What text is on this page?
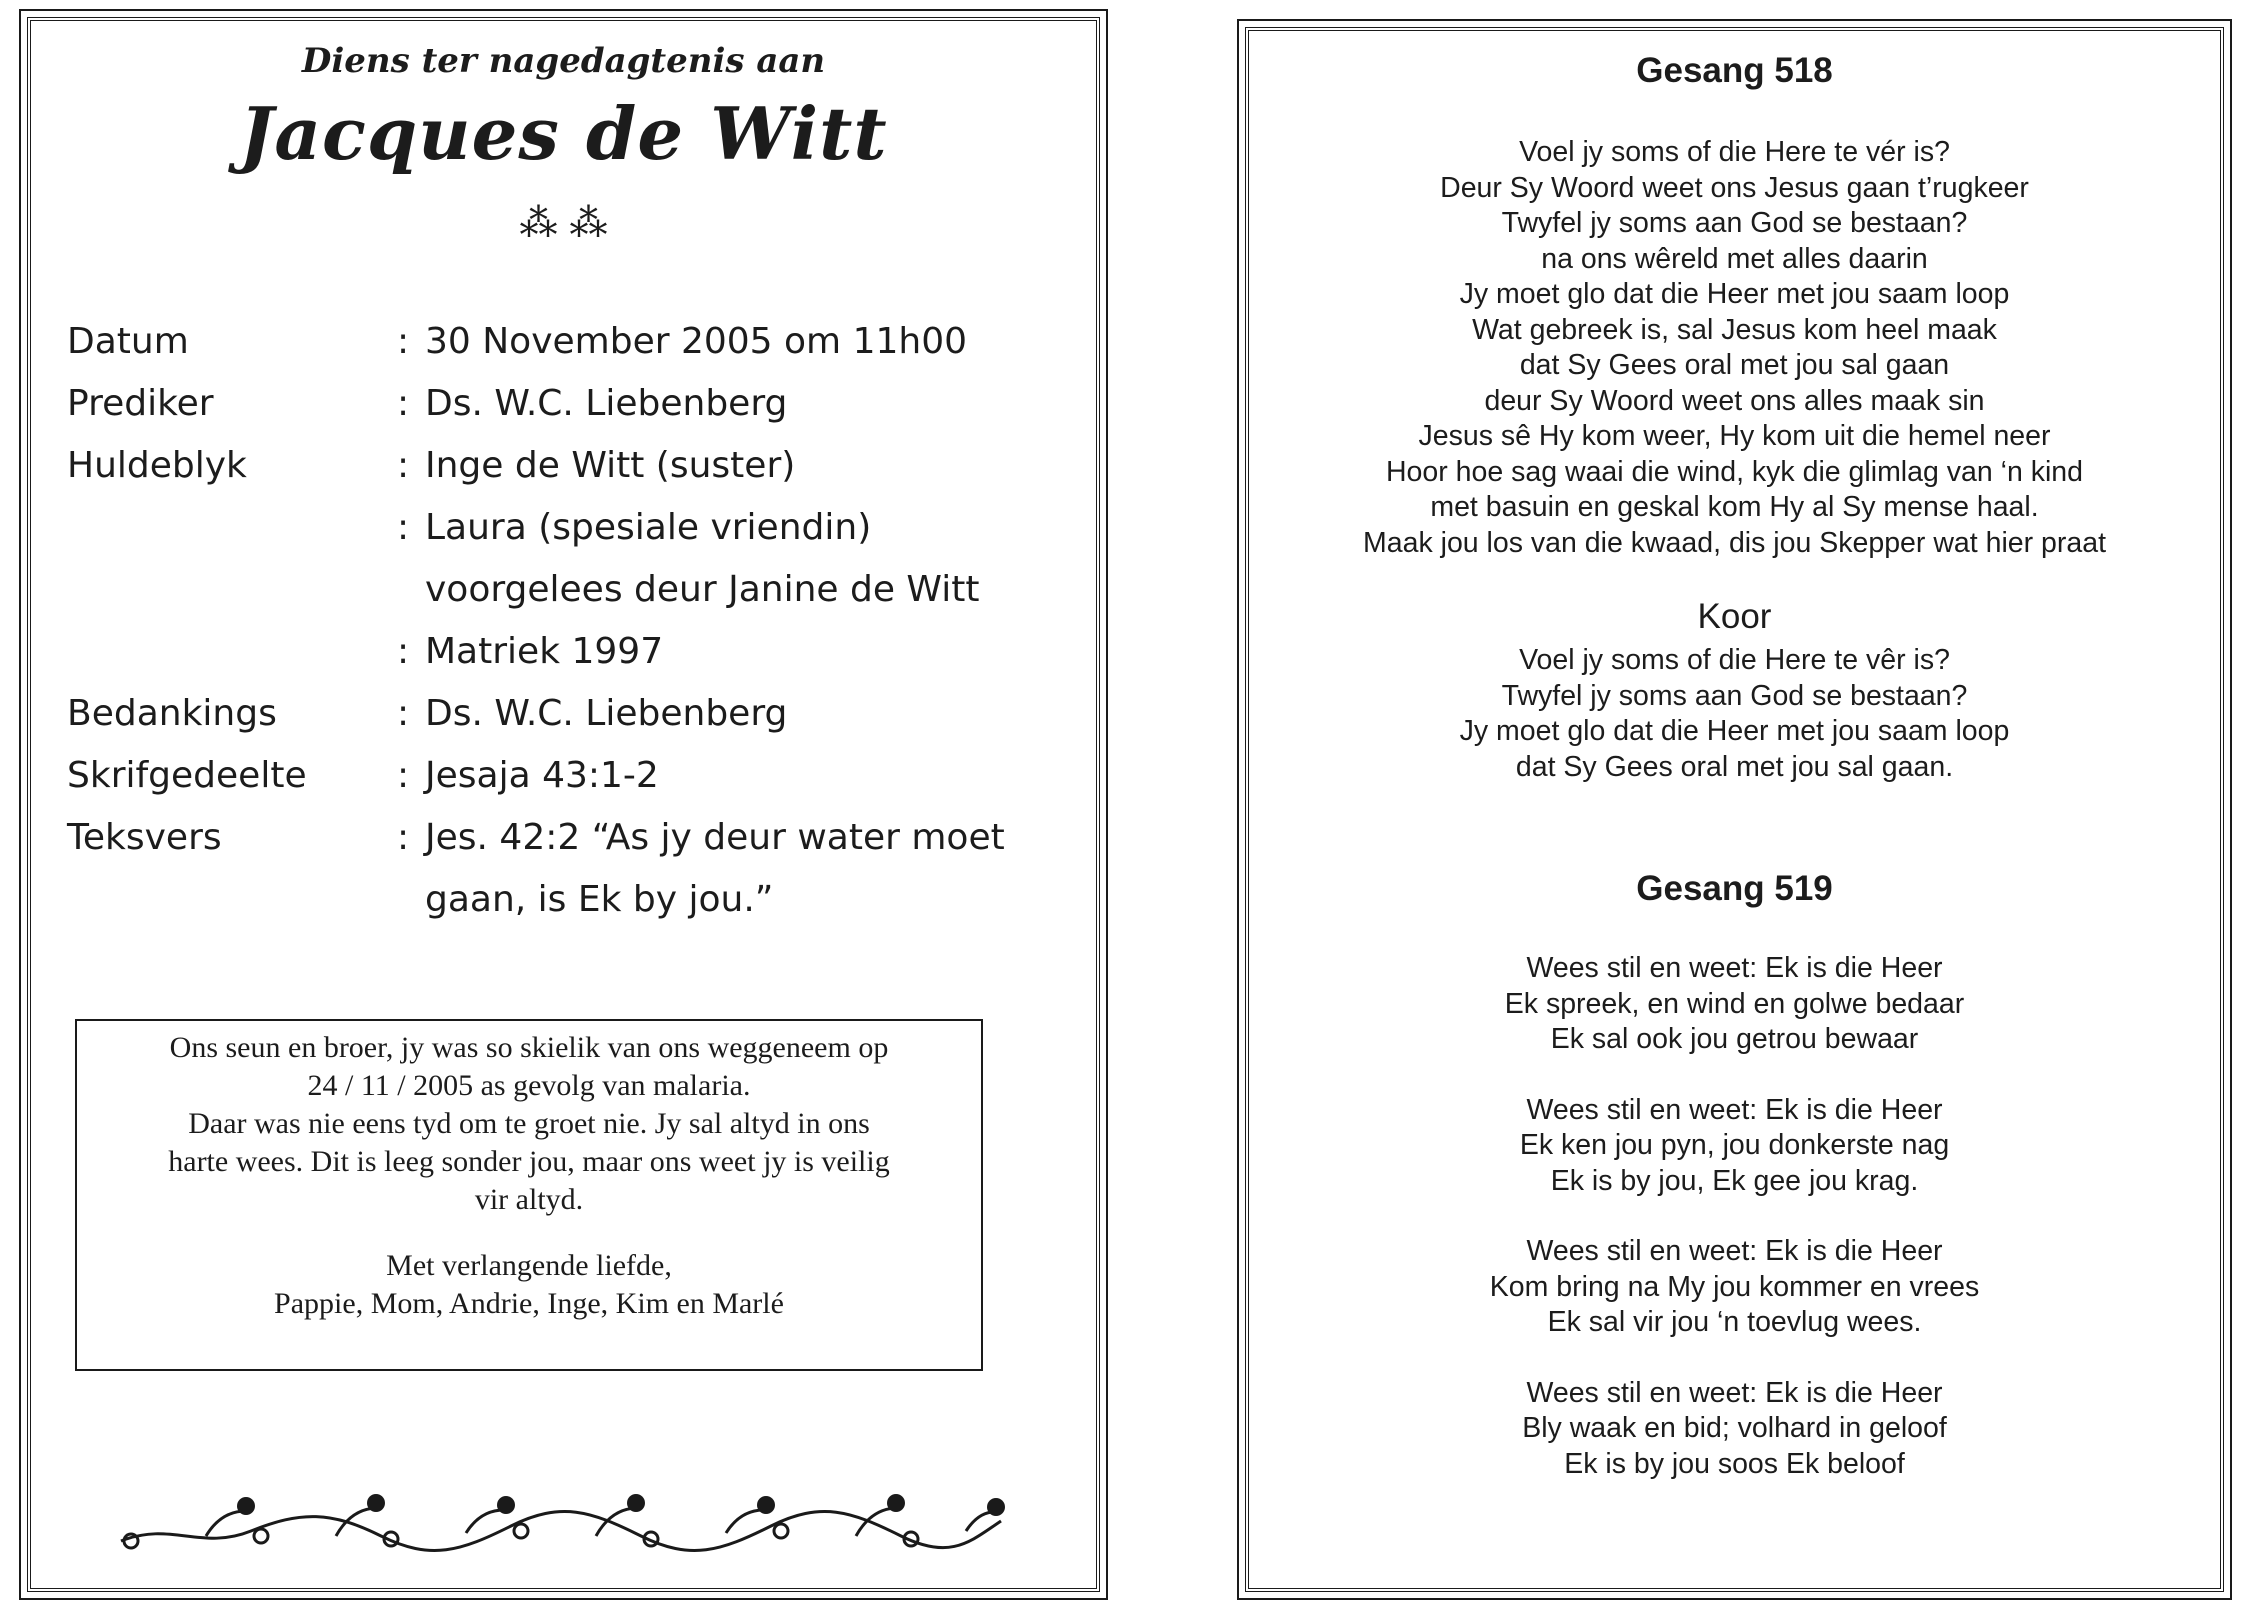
Diens ter nagedagtenis aan
Jacques de Witt
⁂ ⁂
Datum	: 30 November 2005 om 11h00
Prediker	: Ds. W.C. Liebenberg
Huldeblyk	: Inge de Witt (suster)
: Laura (spesiale vriendin)
voorgelees deur Janine de Witt
: Matriek 1997
Bedankings	: Ds. W.C. Liebenberg
Skrifgedeelte	: Jesaja 43:1-2
Teksvers	: Jes. 42:2 “As jy deur water moet
gaan, is Ek by jou.”

Ons seun en broer, jy was so skielik van ons weggeneem op

24 / 11 / 2005 as gevolg van malaria.

Daar was nie eens tyd om te groet nie. Jy sal altyd in ons

harte wees. Dit is leeg sonder jou, maar ons weet jy is veilig

vir altyd.

Met verlangende liefde,

Pappie, Mom, Andrie, Inge, Kim en Marlé

Gesang 518
Voel jy soms of die Here te vér is?
Deur Sy Woord weet ons Jesus gaan t’rugkeer
Twyfel jy soms aan God se bestaan?
na ons wêreld met alles daarin
Jy moet glo dat die Heer met jou saam loop
Wat gebreek is, sal Jesus kom heel maak
dat Sy Gees oral met jou sal gaan
deur Sy Woord weet ons alles maak sin
Jesus sê Hy kom weer, Hy kom uit die hemel neer
Hoor hoe sag waai die wind, kyk die glimlag van ‘n kind
met basuin en geskal kom Hy al Sy mense haal.
Maak jou los van die kwaad, dis jou Skepper wat hier praat
Koor
Voel jy soms of die Here te vêr is?
Twyfel jy soms aan God se bestaan?
Jy moet glo dat die Heer met jou saam loop
dat Sy Gees oral met jou sal gaan.
Gesang 519
Wees stil en weet: Ek is die Heer
Ek spreek, en wind en golwe bedaar
Ek sal ook jou getrou bewaar
Wees stil en weet: Ek is die Heer
Ek ken jou pyn, jou donkerste nag
Ek is by jou, Ek gee jou krag.
Wees stil en weet: Ek is die Heer
Kom bring na My jou kommer en vrees
Ek sal vir jou ‘n toevlug wees.
Wees stil en weet: Ek is die Heer
Bly waak en bid; volhard in geloof
Ek is by jou soos Ek beloof
